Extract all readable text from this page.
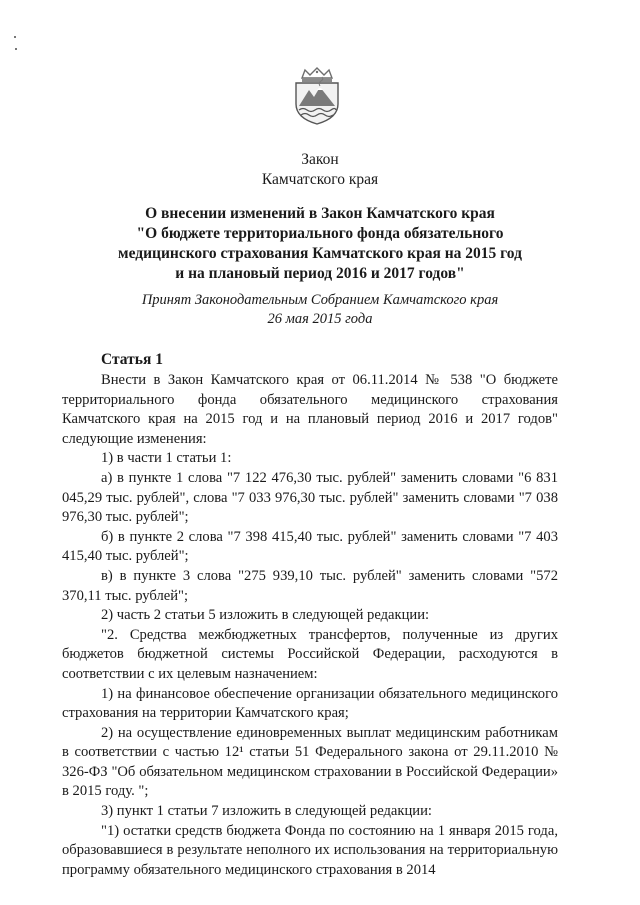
Закон
Камчатского края
О внесении изменений в Закон Камчатского края
"О бюджете территориального фонда обязательного
медицинского страхования Камчатского края на 2015 год
и на плановый период 2016 и 2017 годов"
Принят Законодательным Собранием Камчатского края
26 мая 2015 года
Статья 1

Внести в Закон Камчатского края от 06.11.2014 № 538 "О бюджете территориального фонда обязательного медицинского страхования Камчатского края на 2015 год и на плановый период 2016 и 2017 годов" следующие изменения:

1) в части 1 статьи 1:

а) в пункте 1 слова "7 122 476,30 тыс. рублей" заменить словами "6 831 045,29 тыс. рублей", слова "7 033 976,30 тыс. рублей" заменить словами "7 038 976,30 тыс. рублей";

б) в пункте 2 слова "7 398 415,40 тыс. рублей" заменить словами "7 403 415,40 тыс. рублей";

в) в пункте 3 слова "275 939,10 тыс. рублей" заменить словами "572 370,11 тыс. рублей";

2) часть 2 статьи 5 изложить в следующей редакции:

"2. Средства межбюджетных трансфертов, полученные из других бюджетов бюджетной системы Российской Федерации, расходуются в соответствии с их целевым назначением:

1) на финансовое обеспечение организации обязательного медицинского страхования на территории Камчатского края;

2) на осуществление единовременных выплат медицинским работникам в соответствии с частью 12¹ статьи 51 Федерального закона от 29.11.2010 № 326-ФЗ "Об обязательном медицинском страховании в Российской Федерации» в 2015 году. ";

3) пункт 1 статьи 7 изложить в следующей редакции:

"1) остатки средств бюджета Фонда по состоянию на 1 января 2015 года, образовавшиеся в результате неполного их использования на территориальную программу обязательного медицинского страхования в 2014
